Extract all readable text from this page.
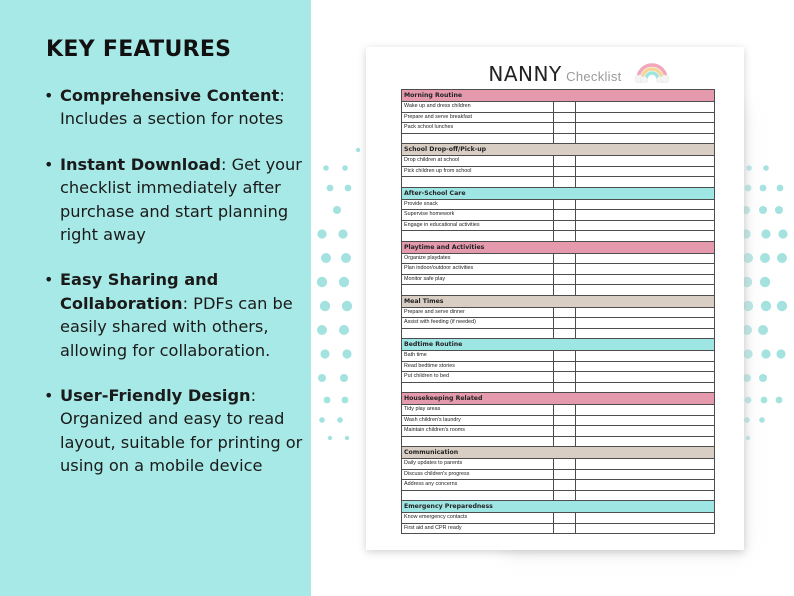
KEY FEATURES
• Comprehensive Content: Includes a section for notes
• Instant Download: Get your checklist immediately after purchase and start planning right away
• Easy Sharing and Collaboration: PDFs can be easily shared with others, allowing for collaboration.
• User-Friendly Design: Organized and easy to read layout, suitable for printing or using on a mobile device
NANNY Checklist
Morning Routine
Wake up and dress children
Prepare and serve breakfast
Pack school lunches
School Drop-off/Pick-up
Drop children at school
Pick children up from school
After-School Care
Provide snack
Supervise homework
Engage in educational activities
Playtime and Activities
Organize playdates
Plan indoor/outdoor activities
Monitor safe play
Meal Times
Prepare and serve dinner
Assist with feeding (if needed)
Bedtime Routine
Bath time
Read bedtime stories
Put children to bed
Housekeeping Related
Tidy play areas
Wash children's laundry
Maintain children's rooms
Communication
Daily updates to parents
Discuss children's progress
Address any concerns
Emergency Preparedness
Know emergency contacts
First aid and CPR ready
